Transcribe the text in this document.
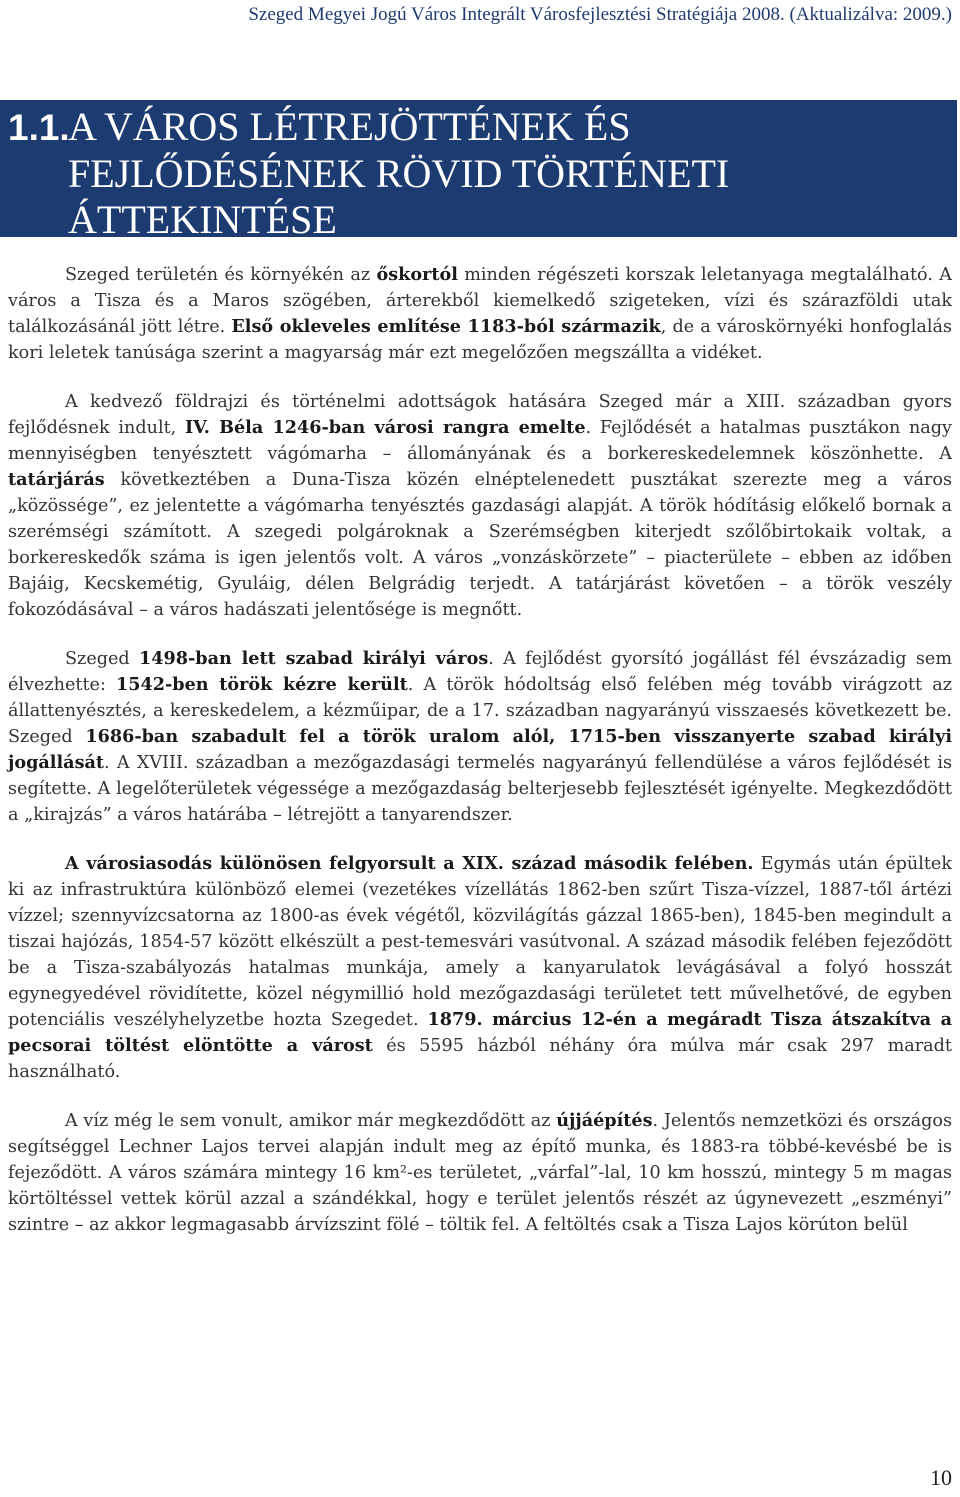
Szeged Megyei Jogú Város Integrált Városfejlesztési Stratégiája 2008. (Aktualizálva: 2009.)
1.1.A VÁROS LÉTREJÖTTÉNEK ÉS
FEJLŐDÉSÉNEK RÖVID TÖRTÉNETI
ÁTTEKINTÉSE

Szeged területén és környékén az őskortól minden régészeti korszak leletanyaga megtalálható. A város a Tisza és a Maros szögében, árterekből kiemelkedő szigeteken, vízi és szárazföldi utak találkozásánál jött létre. Első okleveles említése 1183-ból származik, de a városkörnyéki honfoglalás kori leletek tanúsága szerint a magyarság már ezt megelőzően megszállta a vidéket.

A kedvező földrajzi és történelmi adottságok hatására Szeged már a XIII. században gyors fejlődésnek indult, IV. Béla 1246-ban városi rangra emelte. Fejlődését a hatalmas pusztákon nagy mennyiségben tenyésztett vágómarha – állományának és a borkereskedelemnek köszönhette. A tatárjárás következtében a Duna-Tisza közén elnéptelenedett pusztákat szerezte meg a város „közössége”, ez jelentette a vágómarha tenyésztés gazdasági alapját. A török hódításig előkelő bornak a szerémségi számított. A szegedi polgároknak a Szerémségben kiterjedt szőlőbirtokaik voltak, a borkereskedők száma is igen jelentős volt. A város „vonzáskörzete” – piacterülete – ebben az időben Bajáig, Kecskemétig, Gyuláig, délen Belgrádig terjedt. A tatárjárást követően – a török veszély fokozódásával – a város hadászati jelentősége is megnőtt.

Szeged 1498-ban lett szabad királyi város. A fejlődést gyorsító jogállást fél évszázadig sem élvezhette: 1542-ben török kézre került. A török hódoltság első felében még tovább virágzott az állattenyésztés, a kereskedelem, a kézműipar, de a 17. században nagyarányú visszaesés következett be. Szeged 1686-ban szabadult fel a török uralom alól, 1715-ben visszanyerte szabad királyi jogállását. A XVIII. században a mezőgazdasági termelés nagyarányú fellendülése a város fejlődését is segítette. A legelőterületek végessége a mezőgazdaság belterjesebb fejlesztését igényelte. Megkezdődött a „kirajzás” a város határába – létrejött a tanyarendszer.

A városiasodás különösen felgyorsult a XIX. század második felében. Egymás után épültek ki az infrastruktúra különböző elemei (vezetékes vízellátás 1862-ben szűrt Tisza-vízzel, 1887-től ártézi vízzel; szennyvízcsatorna az 1800-as évek végétől, közvilágítás gázzal 1865-ben), 1845-ben megindult a tiszai hajózás, 1854-57 között elkészült a pest-temesvári vasútvonal. A század második felében fejeződött be a Tisza-szabályozás hatalmas munkája, amely a kanyarulatok levágásával a folyó hosszát egynegyedével rövidítette, közel négymillió hold mezőgazdasági területet tett művelhetővé, de egyben potenciális veszélyhelyzetbe hozta Szegedet. 1879. március 12-én a megáradt Tisza átszakítva a pecsorai töltést elöntötte a várost és 5595 házból néhány óra múlva már csak 297 maradt használható.

A víz még le sem vonult, amikor már megkezdődött az újjáépítés. Jelentős nemzetközi és országos segítséggel Lechner Lajos tervei alapján indult meg az építő munka, és 1883-ra többé-kevésbé be is fejeződött. A város számára mintegy 16 km²-es területet, „várfal”-lal, 10 km hosszú, mintegy 5 m magas körtöltéssel vettek körül azzal a szándékkal, hogy e terület jelentős részét az úgynevezett „eszményi” szintre – az akkor legmagasabb árvízszint fölé – töltik fel. A feltöltés csak a Tisza Lajos körúton belül

10
